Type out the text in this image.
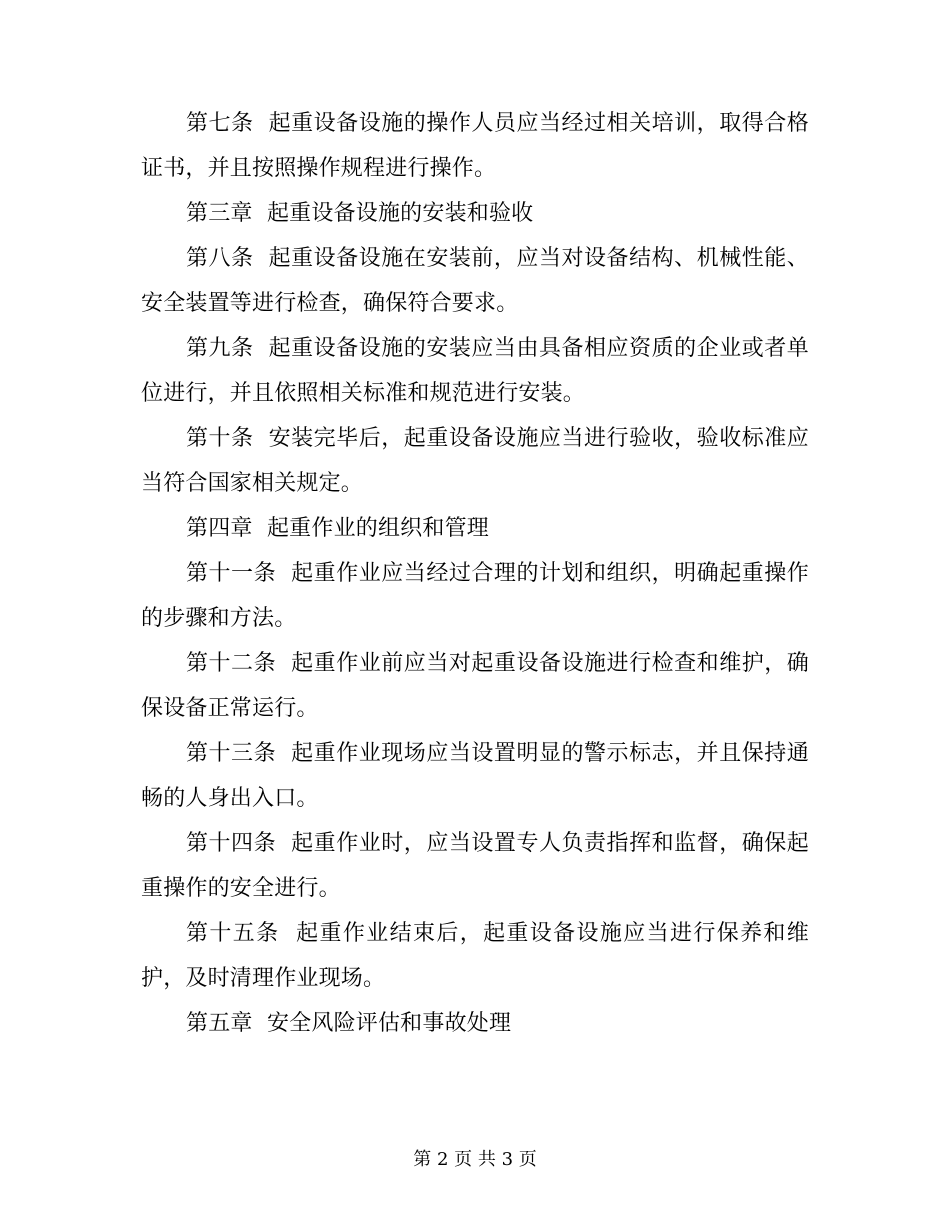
第七条  起重设备设施的操作人员应当经过相关培训，取得合格证书，并且按照操作规程进行操作。

第三章  起重设备设施的安装和验收

第八条  起重设备设施在安装前，应当对设备结构、机械性能、安全装置等进行检查，确保符合要求。

第九条  起重设备设施的安装应当由具备相应资质的企业或者单位进行，并且依照相关标准和规范进行安装。

第十条  安装完毕后，起重设备设施应当进行验收，验收标准应当符合国家相关规定。

第四章  起重作业的组织和管理

第十一条  起重作业应当经过合理的计划和组织，明确起重操作的步骤和方法。

第十二条  起重作业前应当对起重设备设施进行检查和维护，确保设备正常运行。

第十三条  起重作业现场应当设置明显的警示标志，并且保持通畅的人身出入口。

第十四条  起重作业时，应当设置专人负责指挥和监督，确保起重操作的安全进行。

第十五条  起重作业结束后，起重设备设施应当进行保养和维护，及时清理作业现场。

第五章  安全风险评估和事故处理

第 2 页 共 3 页
